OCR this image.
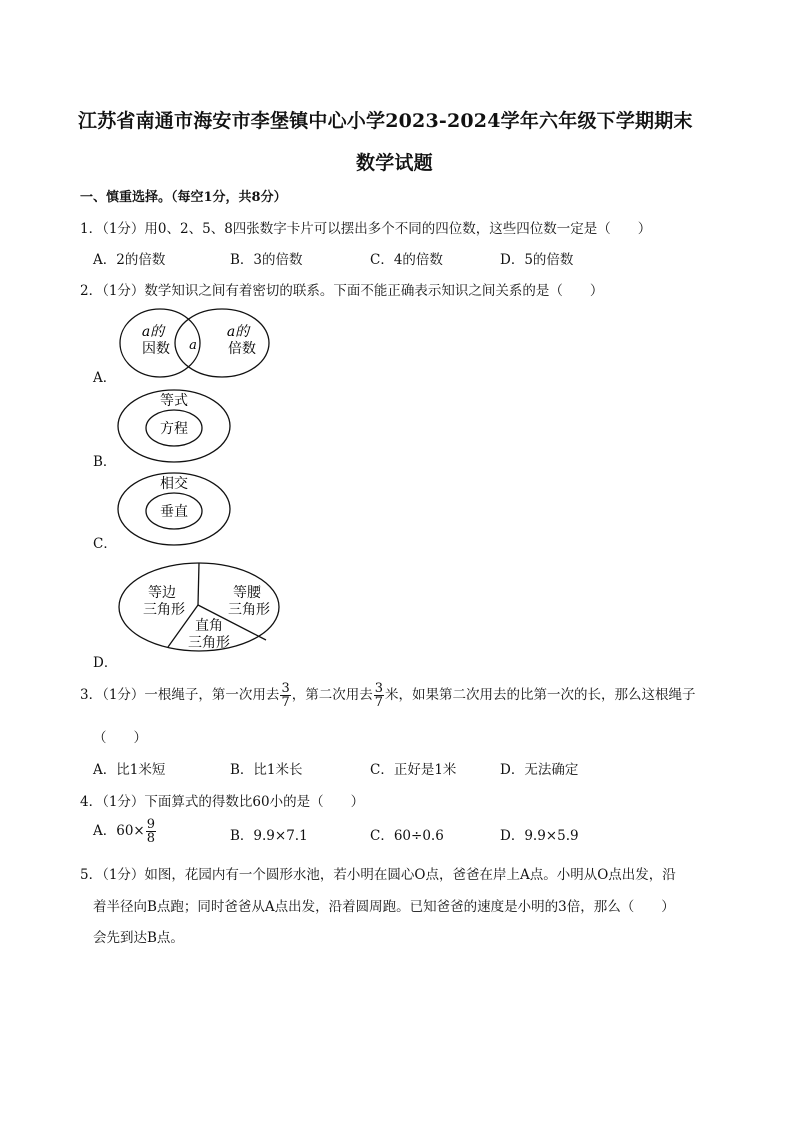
江苏省南通市海安市李堡镇中心小学2023-2024学年六年级下学期期末
数学试题
一、慎重选择。（每空1分，共8分）
1．（1分）用0、2、5、8四张数字卡片可以摆出多个不同的四位数，这些四位数一定是（　　）
A．2的倍数	B．3的倍数	C．4的倍数	D．5的倍数
2．（1分）数学知识之间有着密切的联系。下面不能正确表示知识之间关系的是（　　）
a的
因数 a
a的
倍数
A．
等式
方程
B．
相交
垂直
C．
等边
三角形
等腰
三角形
直角
三角形
D．
3．（1分）一根绳子，第一次用去 $\frac{3}{7}$ ，第二次用去 $\frac{3}{7}$ 米，如果第二次用去的比第一次的长，那么这根绳子
（　　）
A．比1米短	B．比1米长	C．正好是1米	D．无法确定
4．（1分）下面算式的得数比60小的是（　　）
A．$60\times \frac{9}{8}$	B．9.9×7.1	C．60÷0.6	D．9.9×5.9
5．（1分）如图，花园内有一个圆形水池，若小明在圆心O点，爸爸在岸上A点。小明从O点出发，沿
着半径向B点跑；同时爸爸从A点出发，沿着圆周跑。已知爸爸的速度是小明的3倍，那么（　　）
会先到达B点。
